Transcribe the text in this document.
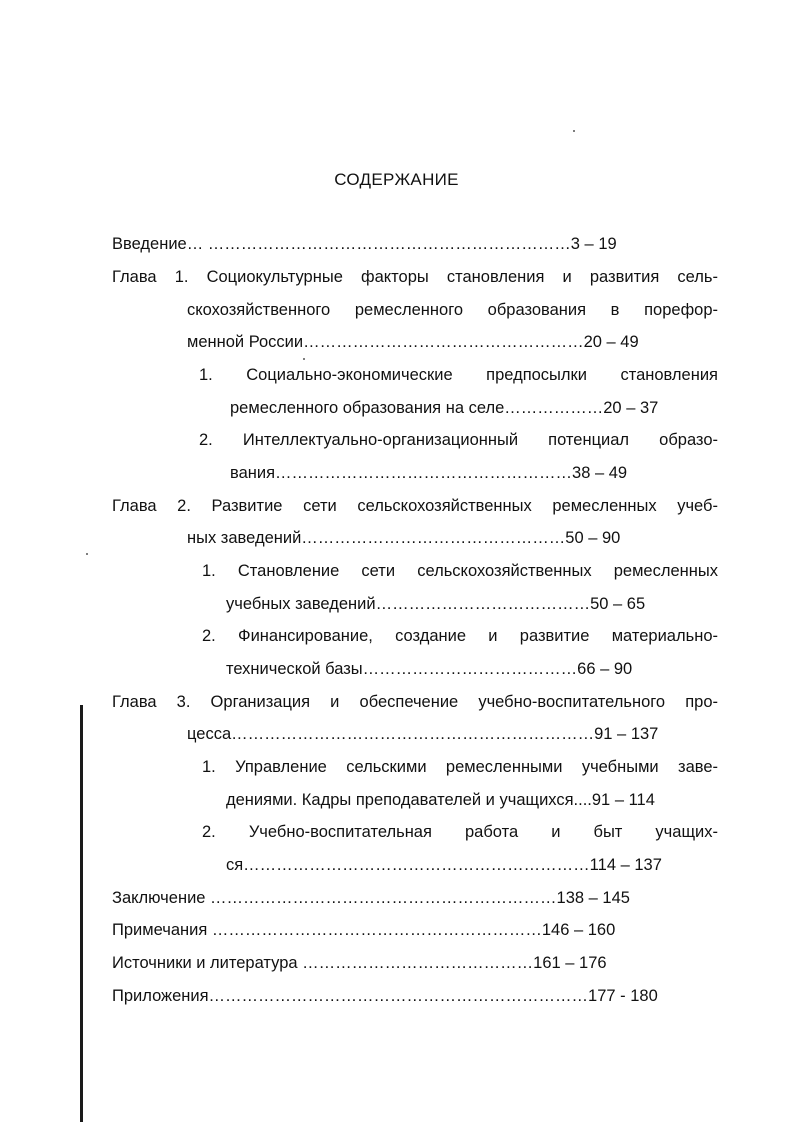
СОДЕРЖАНИЕ
Введение… …………………………………………………………3 – 19
Глава 1. Социокультурные факторы становления и развития сель-
скохозяйственного ремесленного образования в порефор-
менной России……………………………………………20 – 49
1. Социально-экономические предпосылки становления
ремесленного образования на селе………………20 – 37
2. Интеллектуально-организационный потенциал образо-
вания………………………………………………38 – 49
Глава 2. Развитие сети сельскохозяйственных ремесленных учеб-
ных заведений…………………………………………50 – 90
1. Становление сети сельскохозяйственных ремесленных
учебных заведений…………………………………50 – 65
2. Финансирование, создание и развитие материально-
технической базы…………………………………66 – 90
Глава 3. Организация и обеспечение учебно-воспитательного про-
цесса…………………………………………………………91 – 137
1. Управление сельскими ремесленными учебными заве-
дениями. Кадры преподавателей и учащихся....91 – 114
2. Учебно-воспитательная работа и быт учащих-
ся………………………………………………………114 – 137
Заключение ………………………………………………………138 – 145
Примечания ……………………………………………………146 – 160
Источники и литература ……………………………………161 – 176
Приложения……………………………………………………………177 - 180
